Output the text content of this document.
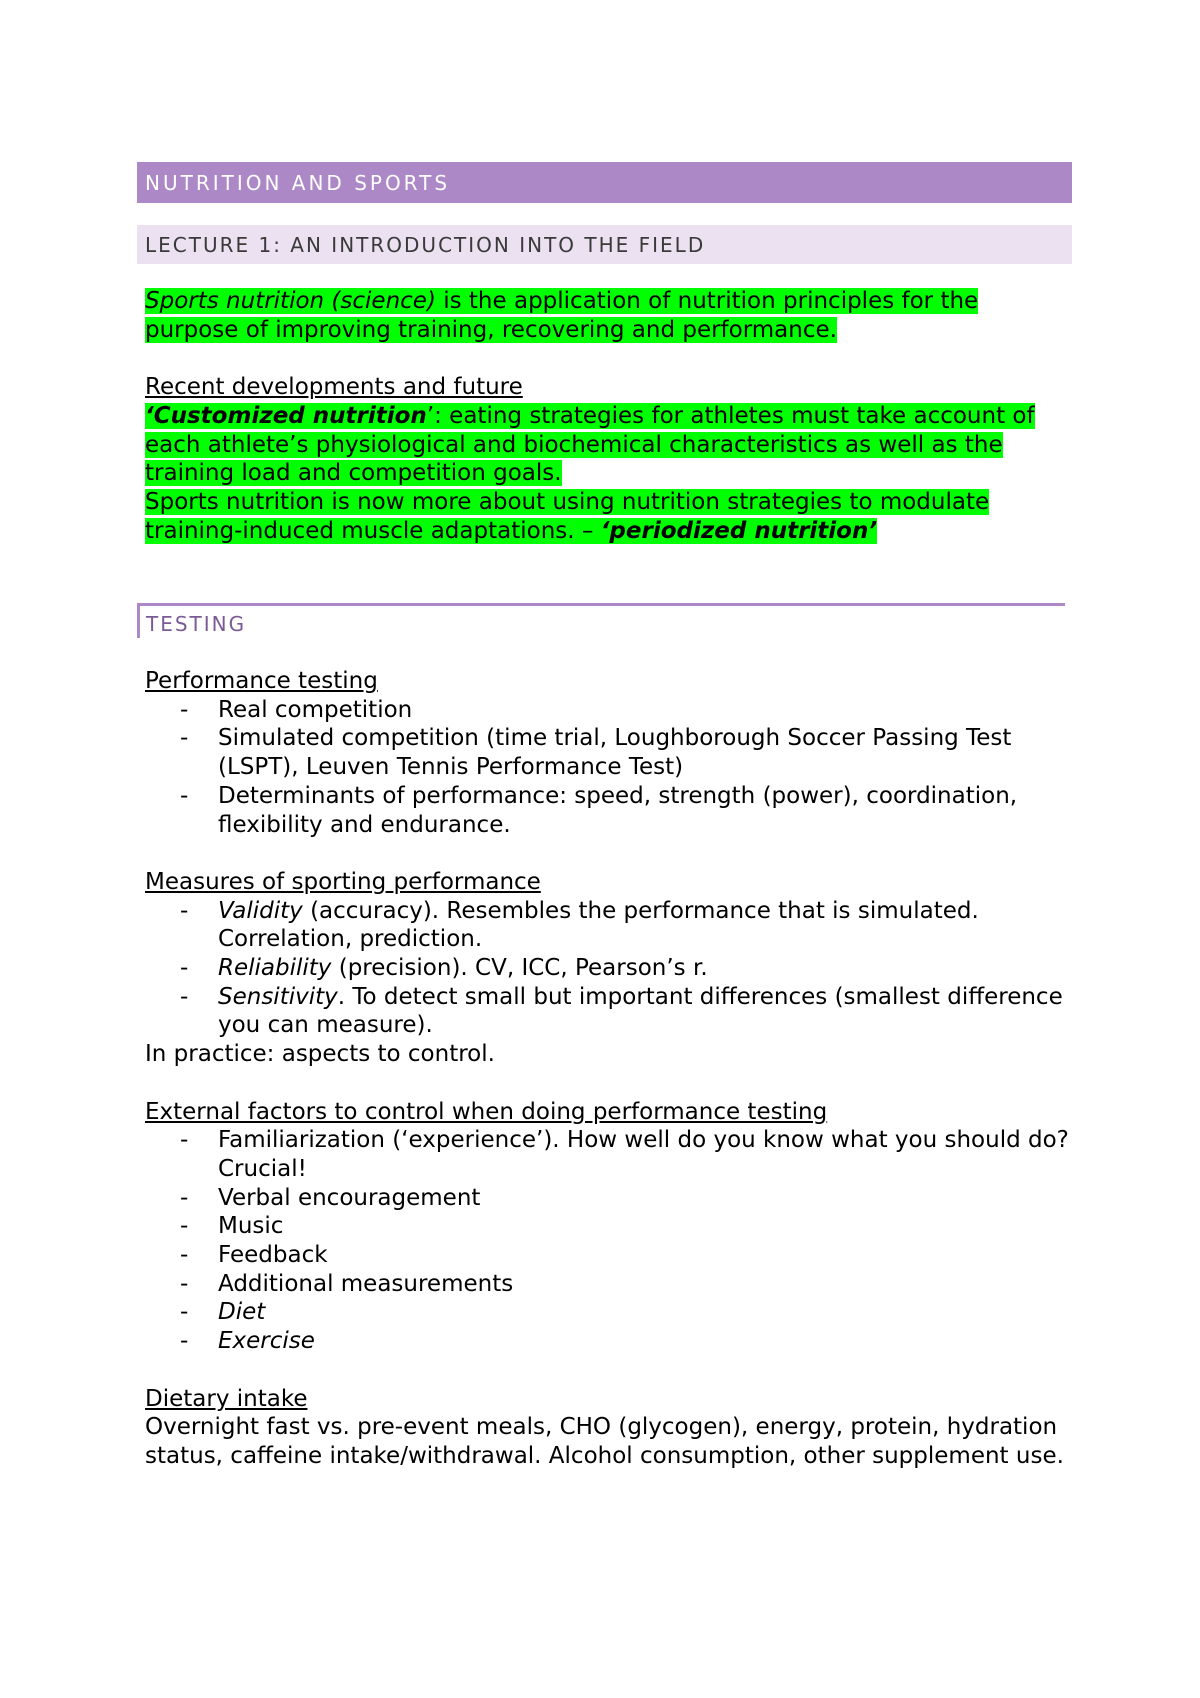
NUTRITION AND SPORTS
LECTURE 1: AN INTRODUCTION INTO THE FIELD

Sports nutrition (science) is the application of nutrition principles for the purpose of improving training, recovering and performance.

Recent developments and future
‘Customized nutrition’: eating strategies for athletes must take account of each athlete’s physiological and biochemical characteristics as well as the training load and competition goals.
Sports nutrition is now more about using nutrition strategies to modulate training-induced muscle adaptations. – ‘periodized nutrition’

TESTING

Performance testing

- Real competition
- Simulated competition (time trial, Loughborough Soccer Passing Test (LSPT), Leuven Tennis Performance Test)
- Determinants of performance: speed, strength (power), coordination, flexibility and endurance.

Measures of sporting performance

- Validity (accuracy). Resembles the performance that is simulated. Correlation, prediction.
- Reliability (precision). CV, ICC, Pearson’s r.
- Sensitivity. To detect small but important differences (smallest difference you can measure).

In practice: aspects to control.

External factors to control when doing performance testing

- Familiarization (‘experience’). How well do you know what you should do? Crucial!
- Verbal encouragement
- Music
- Feedback
- Additional measurements
- Diet
- Exercise

Dietary intake

Overnight fast vs. pre-event meals, CHO (glycogen), energy, protein, hydration status, caffeine intake/withdrawal. Alcohol consumption, other supplement use.
